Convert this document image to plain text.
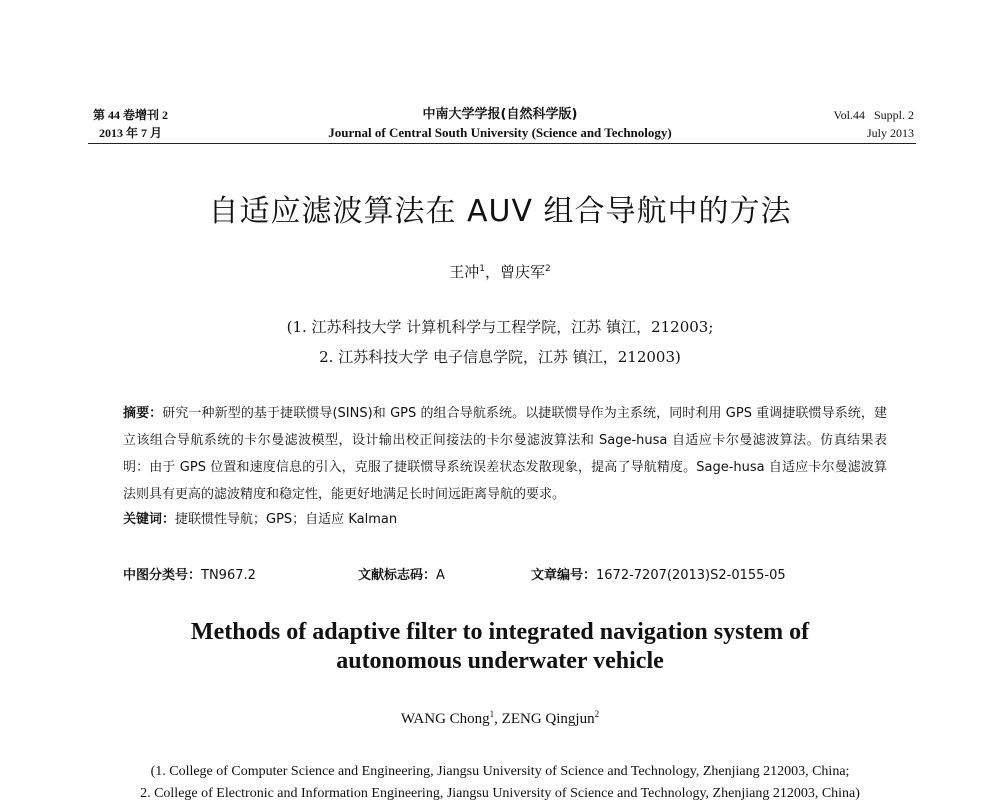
第 44 卷增刊 2
2013 年 7 月
中南大学学报(自然科学版)
Journal of Central South University (Science and Technology)
Vol.44   Suppl. 2
July 2013
自适应滤波算法在 AUV 组合导航中的方法
王冲$^1$，曾庆军$^2$
(1. 江苏科技大学 计算机科学与工程学院，江苏 镇江，212003;
2. 江苏科技大学 电子信息学院，江苏 镇江，212003)
摘要：研究一种新型的基于捷联惯导(SINS)和 GPS 的组合导航系统。以捷联惯导作为主系统，同时利用 GPS 重调捷联惯导系统，建立该组合导航系统的卡尔曼滤波模型，设计输出校正间接法的卡尔曼滤波算法和 Sage-husa 自适应卡尔曼滤波算法。仿真结果表明：由于 GPS 位置和速度信息的引入，克服了捷联惯导系统误差状态发散现象，提高了导航精度。Sage-husa 自适应卡尔曼滤波算法则具有更高的滤波精度和稳定性，能更好地满足长时间远距离导航的要求。
关键词：捷联惯性导航；GPS；自适应 Kalman
中图分类号：TN967.2	文献标志码：A	文章编号：1672-7207(2013)S2-0155-05
Methods of adaptive filter to integrated navigation system of
autonomous underwater vehicle
WANG Chong$^1$, ZENG Qingjun$^2$
(1. College of Computer Science and Engineering, Jiangsu University of Science and Technology, Zhenjiang 212003, China;
2. College of Electronic and Information Engineering, Jiangsu University of Science and Technology, Zhenjiang 212003, China)
